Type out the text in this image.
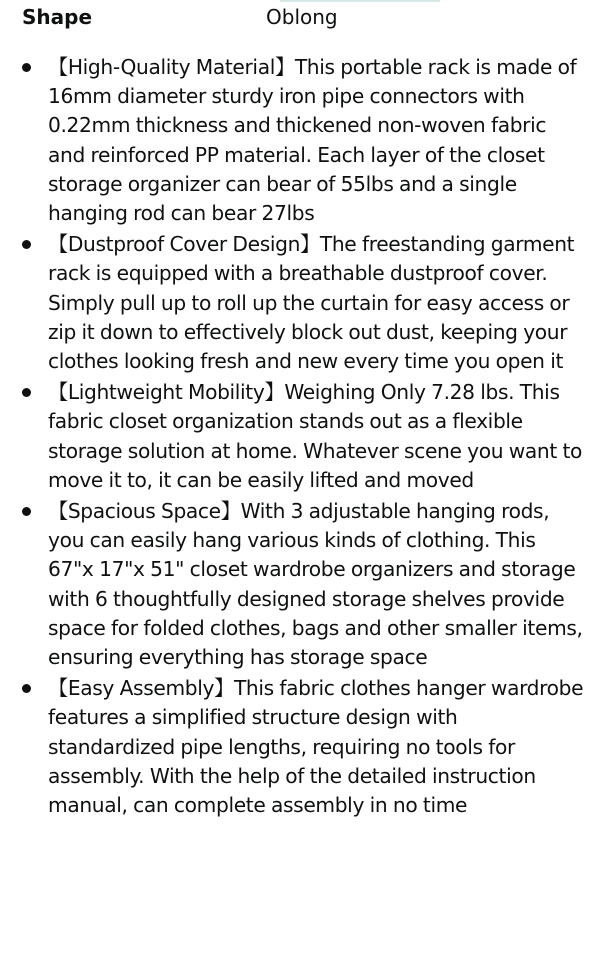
Shape	Oblong
【High-Quality Material】This portable rack is made of 16mm diameter sturdy iron pipe connectors with 0.22mm thickness and thickened non-woven fabric and reinforced PP material. Each layer of the closet storage organizer can bear of 55lbs and a single hanging rod can bear 27lbs
【Dustproof Cover Design】The freestanding garment rack is equipped with a breathable dustproof cover. Simply pull up to roll up the curtain for easy access or zip it down to effectively block out dust, keeping your clothes looking fresh and new every time you open it
【Lightweight Mobility】Weighing Only 7.28 lbs. This fabric closet organization stands out as a flexible storage solution at home. Whatever scene you want to move it to, it can be easily lifted and moved
【Spacious Space】With 3 adjustable hanging rods, you can easily hang various kinds of clothing. This 67"x 17"x 51" closet wardrobe organizers and storage with 6 thoughtfully designed storage shelves provide space for folded clothes, bags and other smaller items, ensuring everything has storage space
【Easy Assembly】This fabric clothes hanger wardrobe features a simplified structure design with standardized pipe lengths, requiring no tools for assembly. With the help of the detailed instruction manual, can complete assembly in no time
